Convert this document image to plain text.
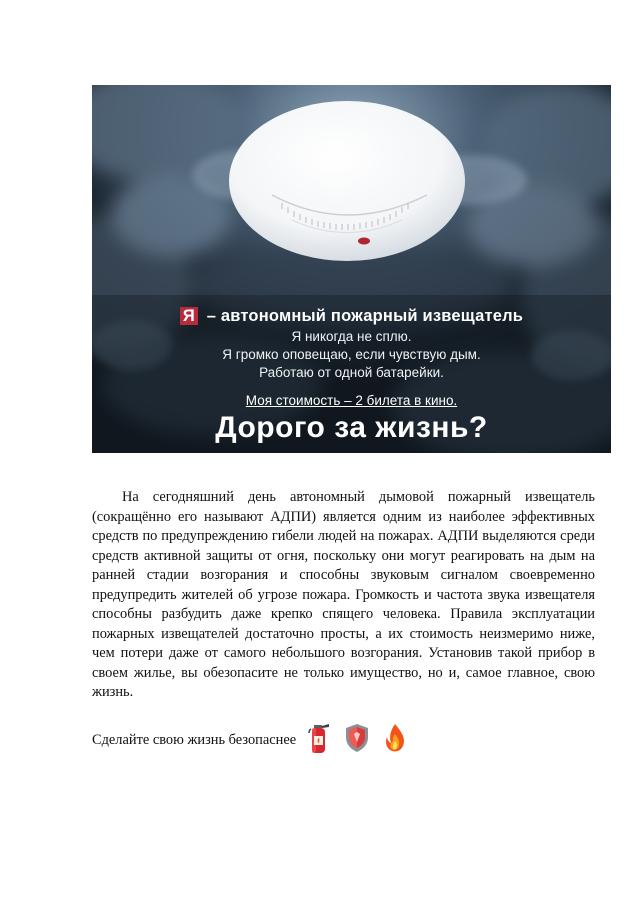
Я – автономный пожарный извещатель
Я никогда не сплю.
Я громко оповещаю, если чувствую дым.
Работаю от одной батарейки.
Моя стоимость – 2 билета в кино.
Дорого за жизнь?

На сегодняшний день автономный дымовой пожарный извещатель (сокращённо его называют АДПИ) является одним из наиболее эффективных средств по предупреждению гибели людей на пожарах. АДПИ выделяются среди средств активной защиты от огня, поскольку они могут реагировать на дым на ранней стадии возгорания и способны звуковым сигналом своевременно предупредить жителей об угрозе пожара. Громкость и частота звука извещателя способны разбудить даже крепко спящего человека. Правила эксплуатации пожарных извещателей достаточно просты, а их стоимость неизмеримо ниже, чем потери даже от самого небольшого возгорания. Установив такой прибор в своем жилье, вы обезопасите не только имущество, но и, самое главное, свою жизнь.

Сделайте свою жизнь безопаснее
